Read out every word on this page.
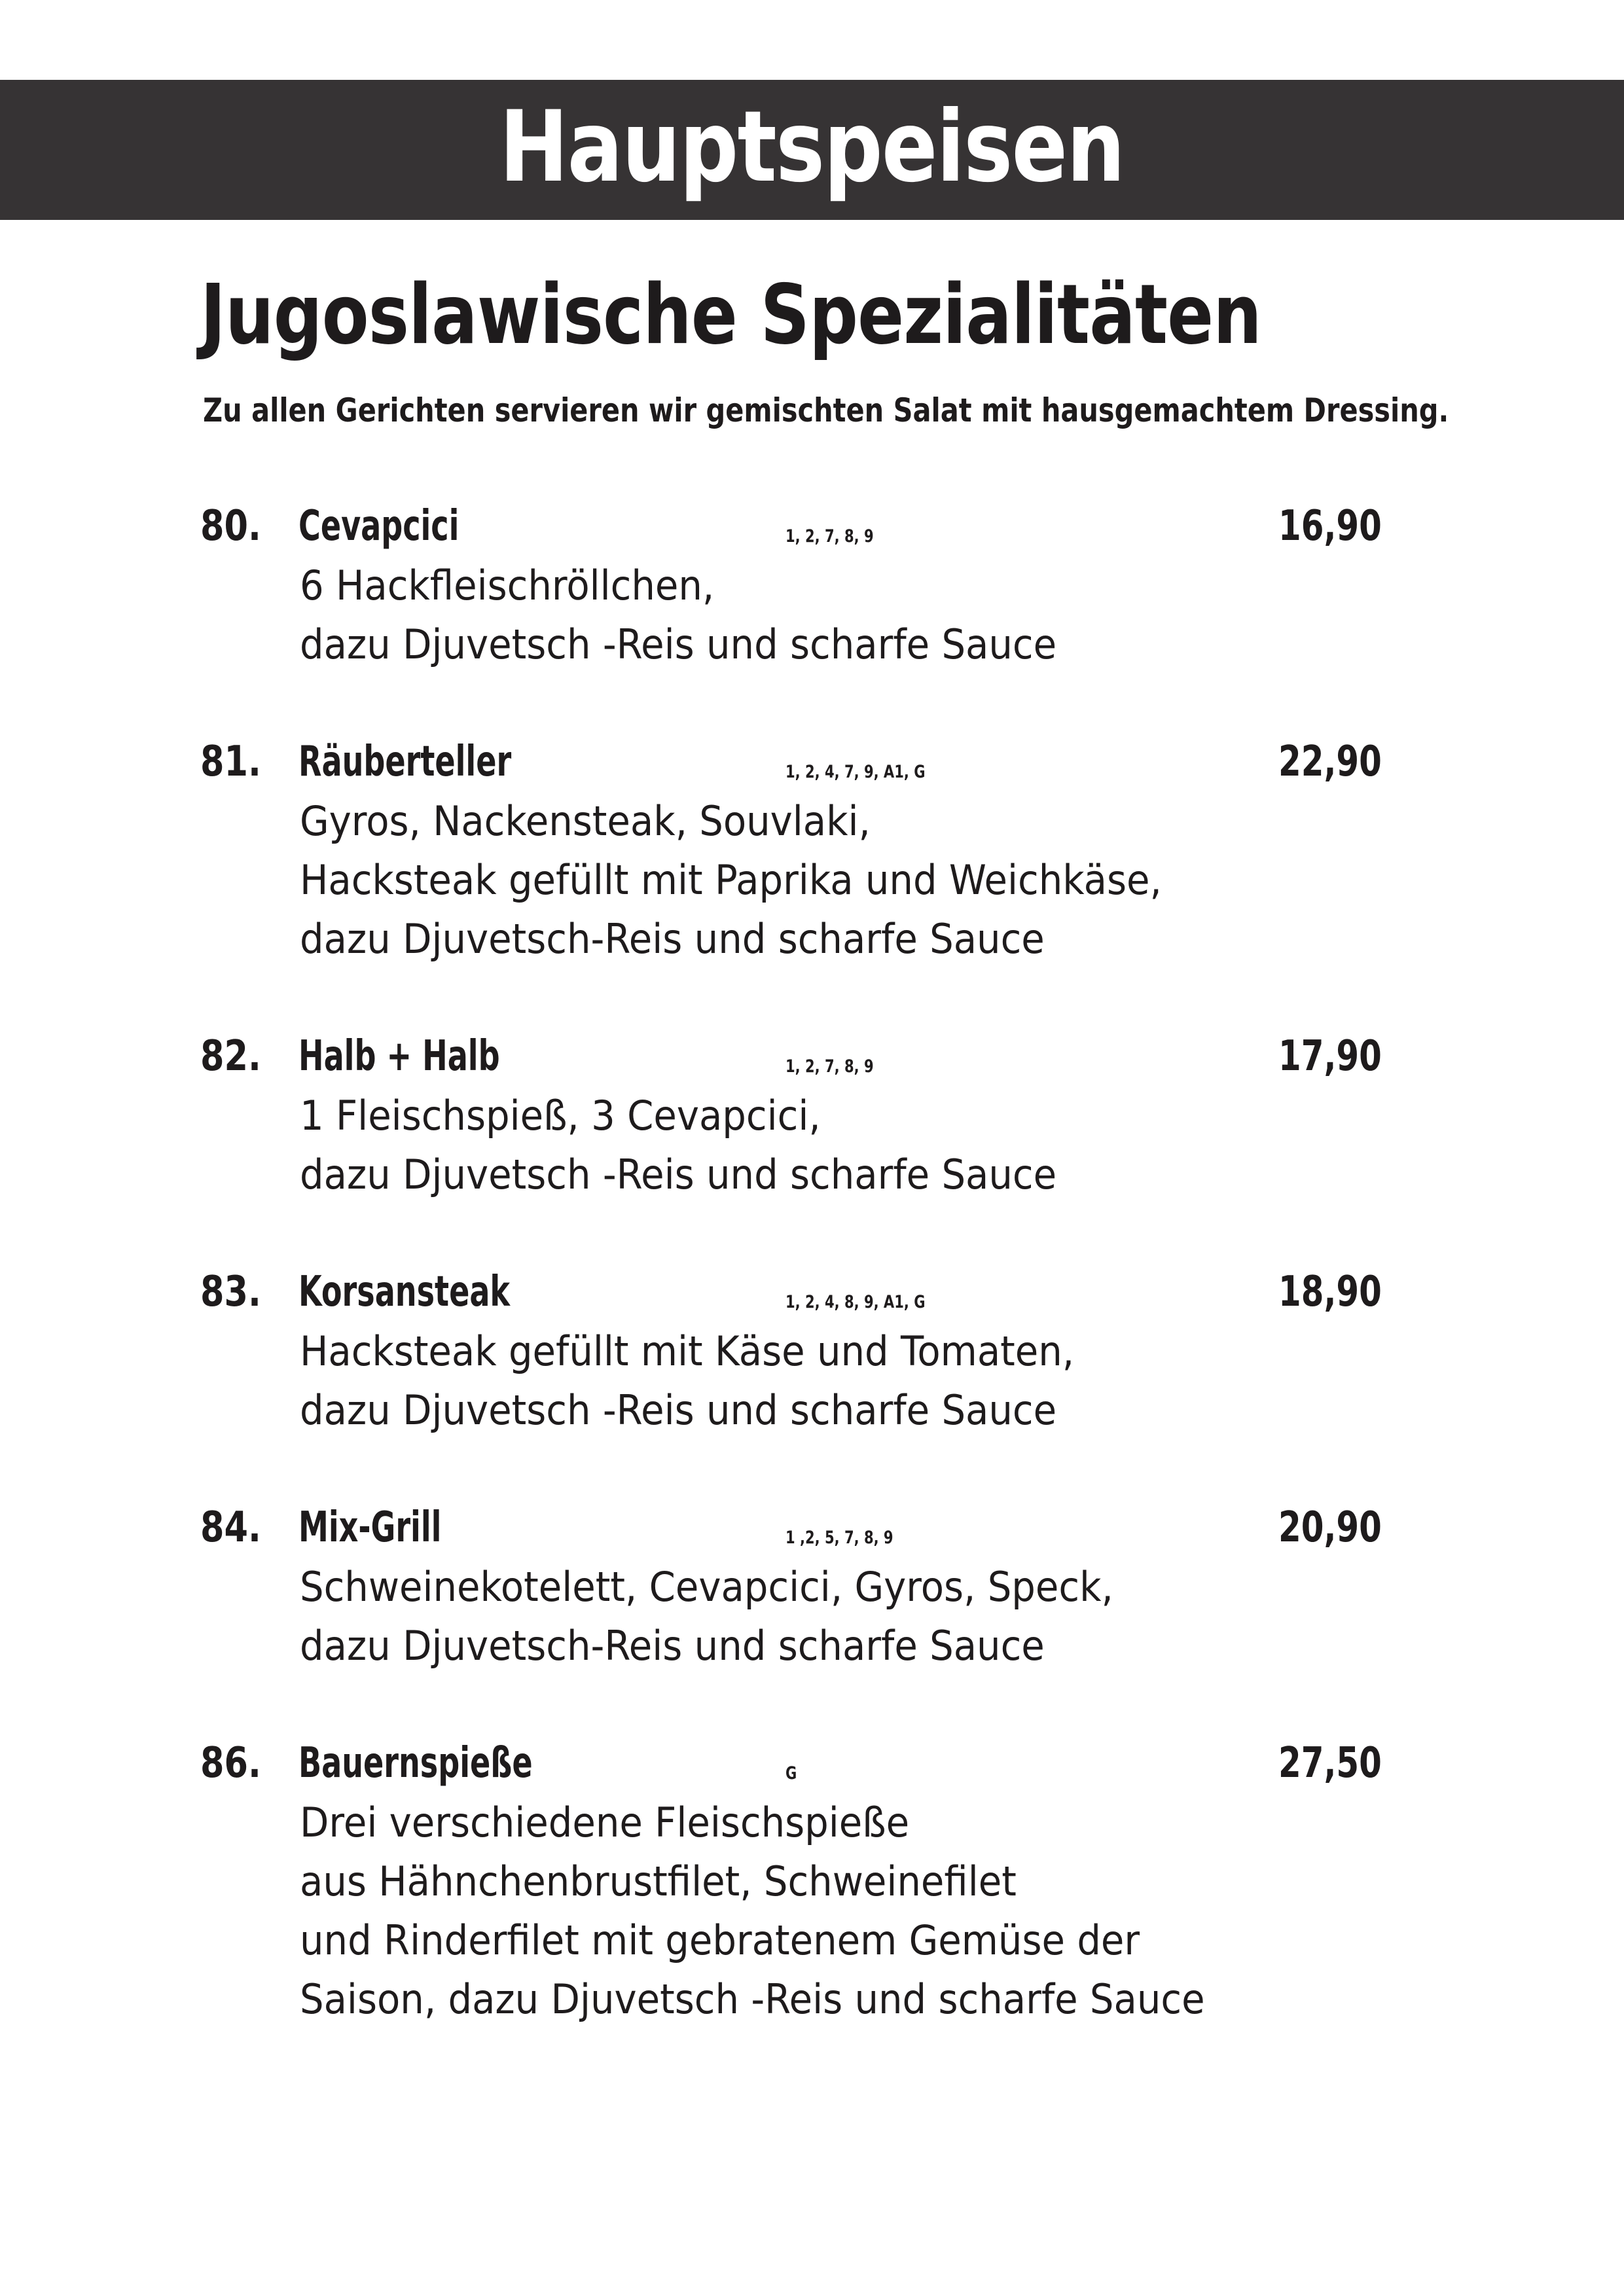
Hauptspeisen
Jugoslawische Spezialitäten
Zu allen Gerichten servieren wir gemischten Salat mit hausgemachtem Dressing.
80. Cevapcici	1, 2, 7, 8, 9	16,90
6 Hackfleischröllchen,
dazu Djuvetsch -Reis und scharfe Sauce
81. Räuberteller	1, 2, 4, 7, 9, A1, G	22,90
Gyros, Nackensteak, Souvlaki,
Hacksteak gefüllt mit Paprika und Weichkäse,
dazu Djuvetsch-Reis und scharfe Sauce
82. Halb + Halb	1, 2, 7, 8, 9	17,90
1 Fleischspieß, 3 Cevapcici,
dazu Djuvetsch -Reis und scharfe Sauce
83. Korsansteak	1, 2, 4, 8, 9, A1, G	18,90
Hacksteak gefüllt mit Käse und Tomaten,
dazu Djuvetsch -Reis und scharfe Sauce
84. Mix-Grill	1 ,2, 5, 7, 8, 9	20,90
Schweinekotelett, Cevapcici, Gyros, Speck,
dazu Djuvetsch-Reis und scharfe Sauce
86. Bauernspieße	G	27,50
Drei verschiedene Fleischspieße
aus Hähnchenbrustfilet, Schweinefilet
und Rinderfilet mit gebratenem Gemüse der
Saison, dazu Djuvetsch -Reis und scharfe Sauce
